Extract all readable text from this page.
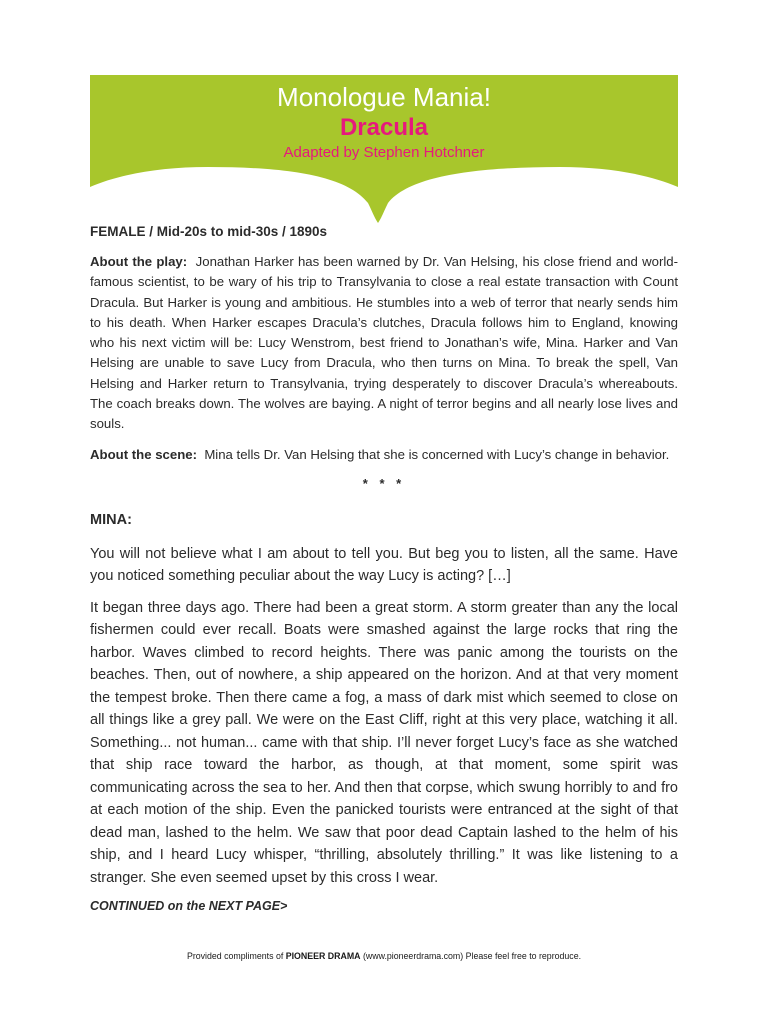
Monologue Mania!
Dracula
Adapted by Stephen Hotchner
FEMALE / Mid-20s to mid-30s / 1890s

About the play: Jonathan Harker has been warned by Dr. Van Helsing, his close friend and world-famous scientist, to be wary of his trip to Transylvania to close a real estate transaction with Count Dracula. But Harker is young and ambitious. He stumbles into a web of terror that nearly sends him to his death. When Harker escapes Dracula’s clutches, Dracula follows him to England, knowing who his next victim will be: Lucy Wenstrom, best friend to Jonathan’s wife, Mina. Harker and Van Helsing are unable to save Lucy from Dracula, who then turns on Mina. To break the spell, Van Helsing and Harker return to Transylvania, trying desperately to discover Dracula’s whereabouts. The coach breaks down. The wolves are baying. A night of terror begins and all nearly lose lives and souls.

About the scene: Mina tells Dr. Van Helsing that she is concerned with Lucy’s change in behavior.

* * *
MINA:

You will not believe what I am about to tell you. But beg you to listen, all the same. Have you noticed something peculiar about the way Lucy is acting? […]

It began three days ago. There had been a great storm. A storm greater than any the local fishermen could ever recall. Boats were smashed against the large rocks that ring the harbor. Waves climbed to record heights. There was panic among the tourists on the beaches. Then, out of nowhere, a ship appeared on the horizon. And at that very moment the tempest broke. Then there came a fog, a mass of dark mist which seemed to close on all things like a grey pall. We were on the East Cliff, right at this very place, watching it all. Something... not human... came with that ship. I’ll never forget Lucy’s face as she watched that ship race toward the harbor, as though, at that moment, some spirit was communicating across the sea to her. And then that corpse, which swung horribly to and fro at each motion of the ship. Even the panicked tourists were entranced at the sight of that dead man, lashed to the helm. We saw that poor dead Captain lashed to the helm of his ship, and I heard Lucy whisper, “thrilling, absolutely thrilling.” It was like listening to a stranger. She even seemed upset by this cross I wear.

CONTINUED on the NEXT PAGE>
Provided compliments of PIONEER DRAMA (www.pioneerdrama.com) Please feel free to reproduce.
